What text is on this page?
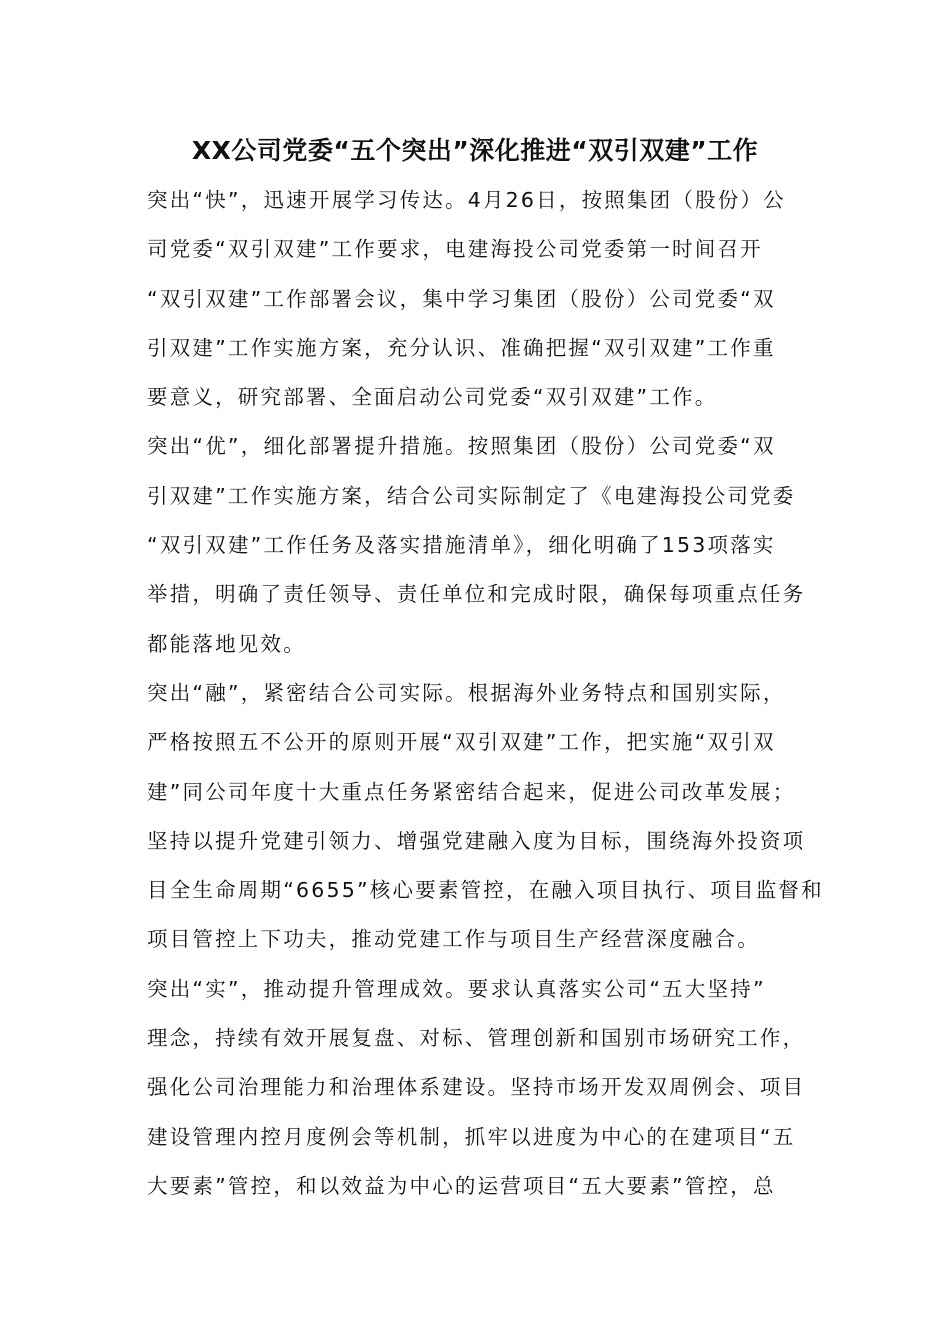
XX公司党委“五个突出”深化推进“双引双建”工作
突出“快”，迅速开展学习传达。4月26日，按照集团（股份）公
司党委“双引双建”工作要求，电建海投公司党委第一时间召开
“双引双建”工作部署会议，集中学习集团（股份）公司党委“双
引双建”工作实施方案，充分认识、准确把握“双引双建”工作重
要意义，研究部署、全面启动公司党委“双引双建”工作。
突出“优”，细化部署提升措施。按照集团（股份）公司党委“双
引双建”工作实施方案，结合公司实际制定了《电建海投公司党委
“双引双建”工作任务及落实措施清单》，细化明确了153项落实
举措，明确了责任领导、责任单位和完成时限，确保每项重点任务
都能落地见效。
突出“融”，紧密结合公司实际。根据海外业务特点和国别实际，
严格按照五不公开的原则开展“双引双建”工作，把实施“双引双
建”同公司年度十大重点任务紧密结合起来，促进公司改革发展；
坚持以提升党建引领力、增强党建融入度为目标，围绕海外投资项
目全生命周期“6655”核心要素管控，在融入项目执行、项目监督和
项目管控上下功夫，推动党建工作与项目生产经营深度融合。
突出“实”，推动提升管理成效。要求认真落实公司“五大坚持”
理念，持续有效开展复盘、对标、管理创新和国别市场研究工作，
强化公司治理能力和治理体系建设。坚持市场开发双周例会、项目
建设管理内控月度例会等机制，抓牢以进度为中心的在建项目“五
大要素”管控，和以效益为中心的运营项目“五大要素”管控，总
